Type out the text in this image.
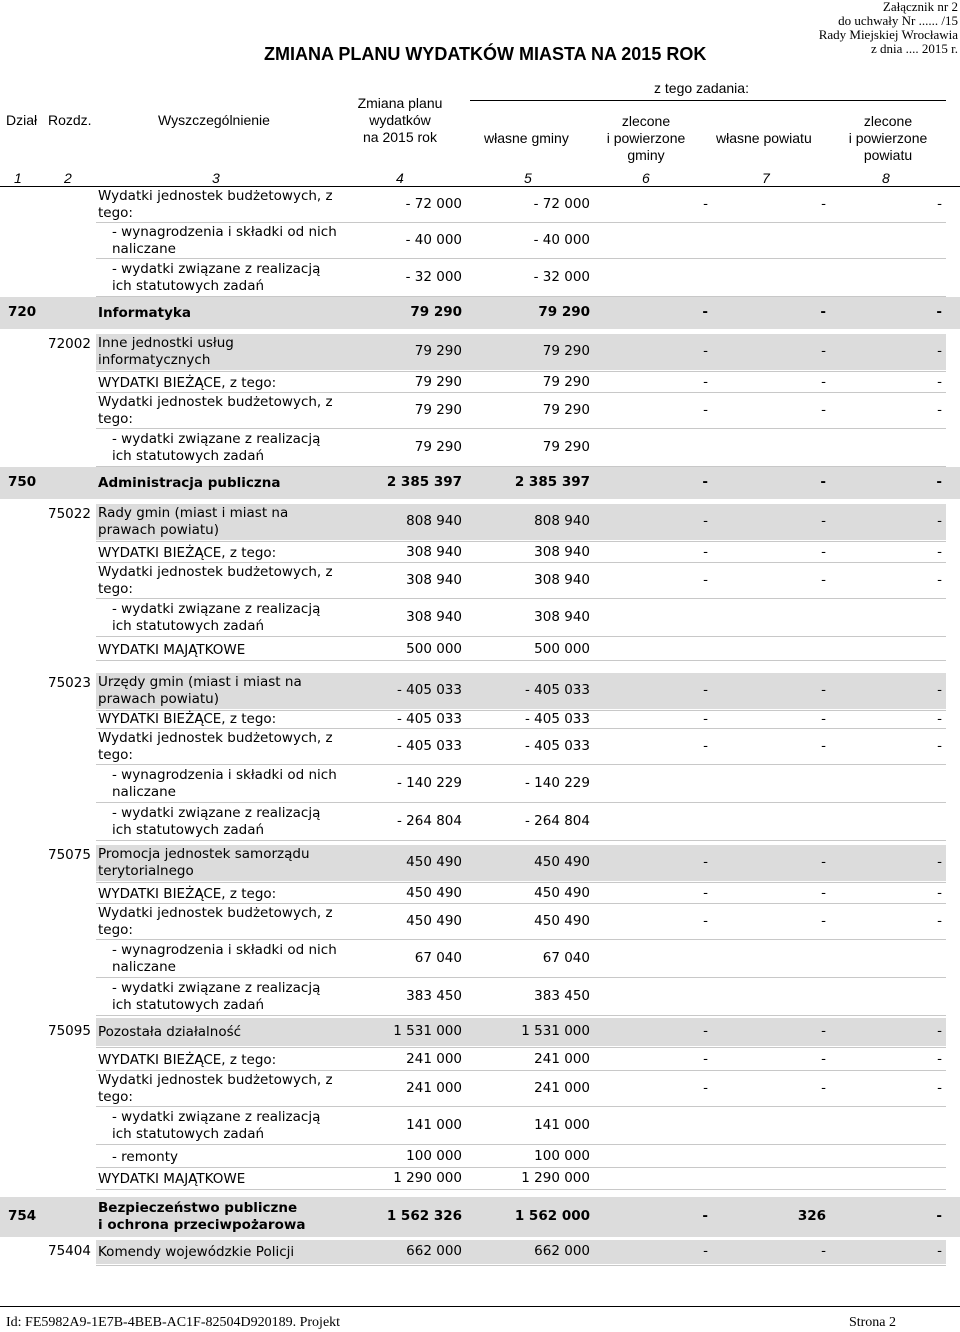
Załącznik nr 2
do uchwały Nr ...... /15
Rady Miejskiej Wrocławia
z dnia .... 2015 r.
ZMIANA PLANU WYDATKÓW MIASTA NA 2015 ROK
Dział Rozdz.	Wyszczególnienie
Zmiana planu
wydatków
na 2015 rok
z tego zadania:
własne gminy
zlecone
i powierzone
gminy
własne powiatu
zlecone
i powierzone
powiatu
1	2	3	4	5	6	7	8
Wydatki jednostek budżetowych, z
tego:
- 72 000	- 72 000	-	-	-
- wynagrodzenia i składki od nich
naliczane
- 40 000	- 40 000
- wydatki związane z realizacją
ich statutowych zadań
- 32 000	- 32 000
720	Informatyka	79 290	79 290	-	-	-
72002 Inne jednostki usług
informatycznych
79 290	79 290	-	-	-
WYDATKI BIEŻĄCE, z tego:	79 290	79 290	-	-	-
Wydatki jednostek budżetowych, z
tego:
79 290	79 290	-	-	-
- wydatki związane z realizacją
ich statutowych zadań
79 290	79 290
750	Administracja publiczna	2 385 397	2 385 397	-	-	-
75022 Rady gmin (miast i miast na
prawach powiatu)
808 940	808 940	-	-	-
WYDATKI BIEŻĄCE, z tego:	308 940	308 940	-	-	-
Wydatki jednostek budżetowych, z
tego:
308 940	308 940	-	-	-
- wydatki związane z realizacją
ich statutowych zadań
308 940	308 940
WYDATKI MAJĄTKOWE	500 000	500 000
75023 Urzędy gmin (miast i miast na
prawach powiatu)
- 405 033	- 405 033	-	-	-
WYDATKI BIEŻĄCE, z tego:	- 405 033	- 405 033	-	-	-
Wydatki jednostek budżetowych, z
tego:
- 405 033	- 405 033	-	-	-
- wynagrodzenia i składki od nich
naliczane
- 140 229	- 140 229
- wydatki związane z realizacją
ich statutowych zadań
- 264 804	- 264 804
75075 Promocja jednostek samorządu
terytorialnego
450 490	450 490	-	-	-
WYDATKI BIEŻĄCE, z tego:	450 490	450 490	-	-	-
Wydatki jednostek budżetowych, z
tego:
450 490	450 490	-	-	-
- wynagrodzenia i składki od nich
naliczane
67 040	67 040
- wydatki związane z realizacją
ich statutowych zadań
383 450	383 450
75095 Pozostała działalność	1 531 000	1 531 000	-	-	-
WYDATKI BIEŻĄCE, z tego:	241 000	241 000	-	-	-
Wydatki jednostek budżetowych, z
tego:
241 000	241 000	-	-	-
- wydatki związane z realizacją
ich statutowych zadań
141 000	141 000
- remonty	100 000	100 000
WYDATKI MAJĄTKOWE	1 290 000	1 290 000
754	Bezpieczeństwo publiczne
i ochrona przeciwpożarowa
1 562 326	1 562 000	-	326	-
75404 Komendy wojewódzkie Policji	662 000	662 000	-	-	-
Id: FE5982A9-1E7B-4BEB-AC1F-82504D920189. Projekt	Strona 2
